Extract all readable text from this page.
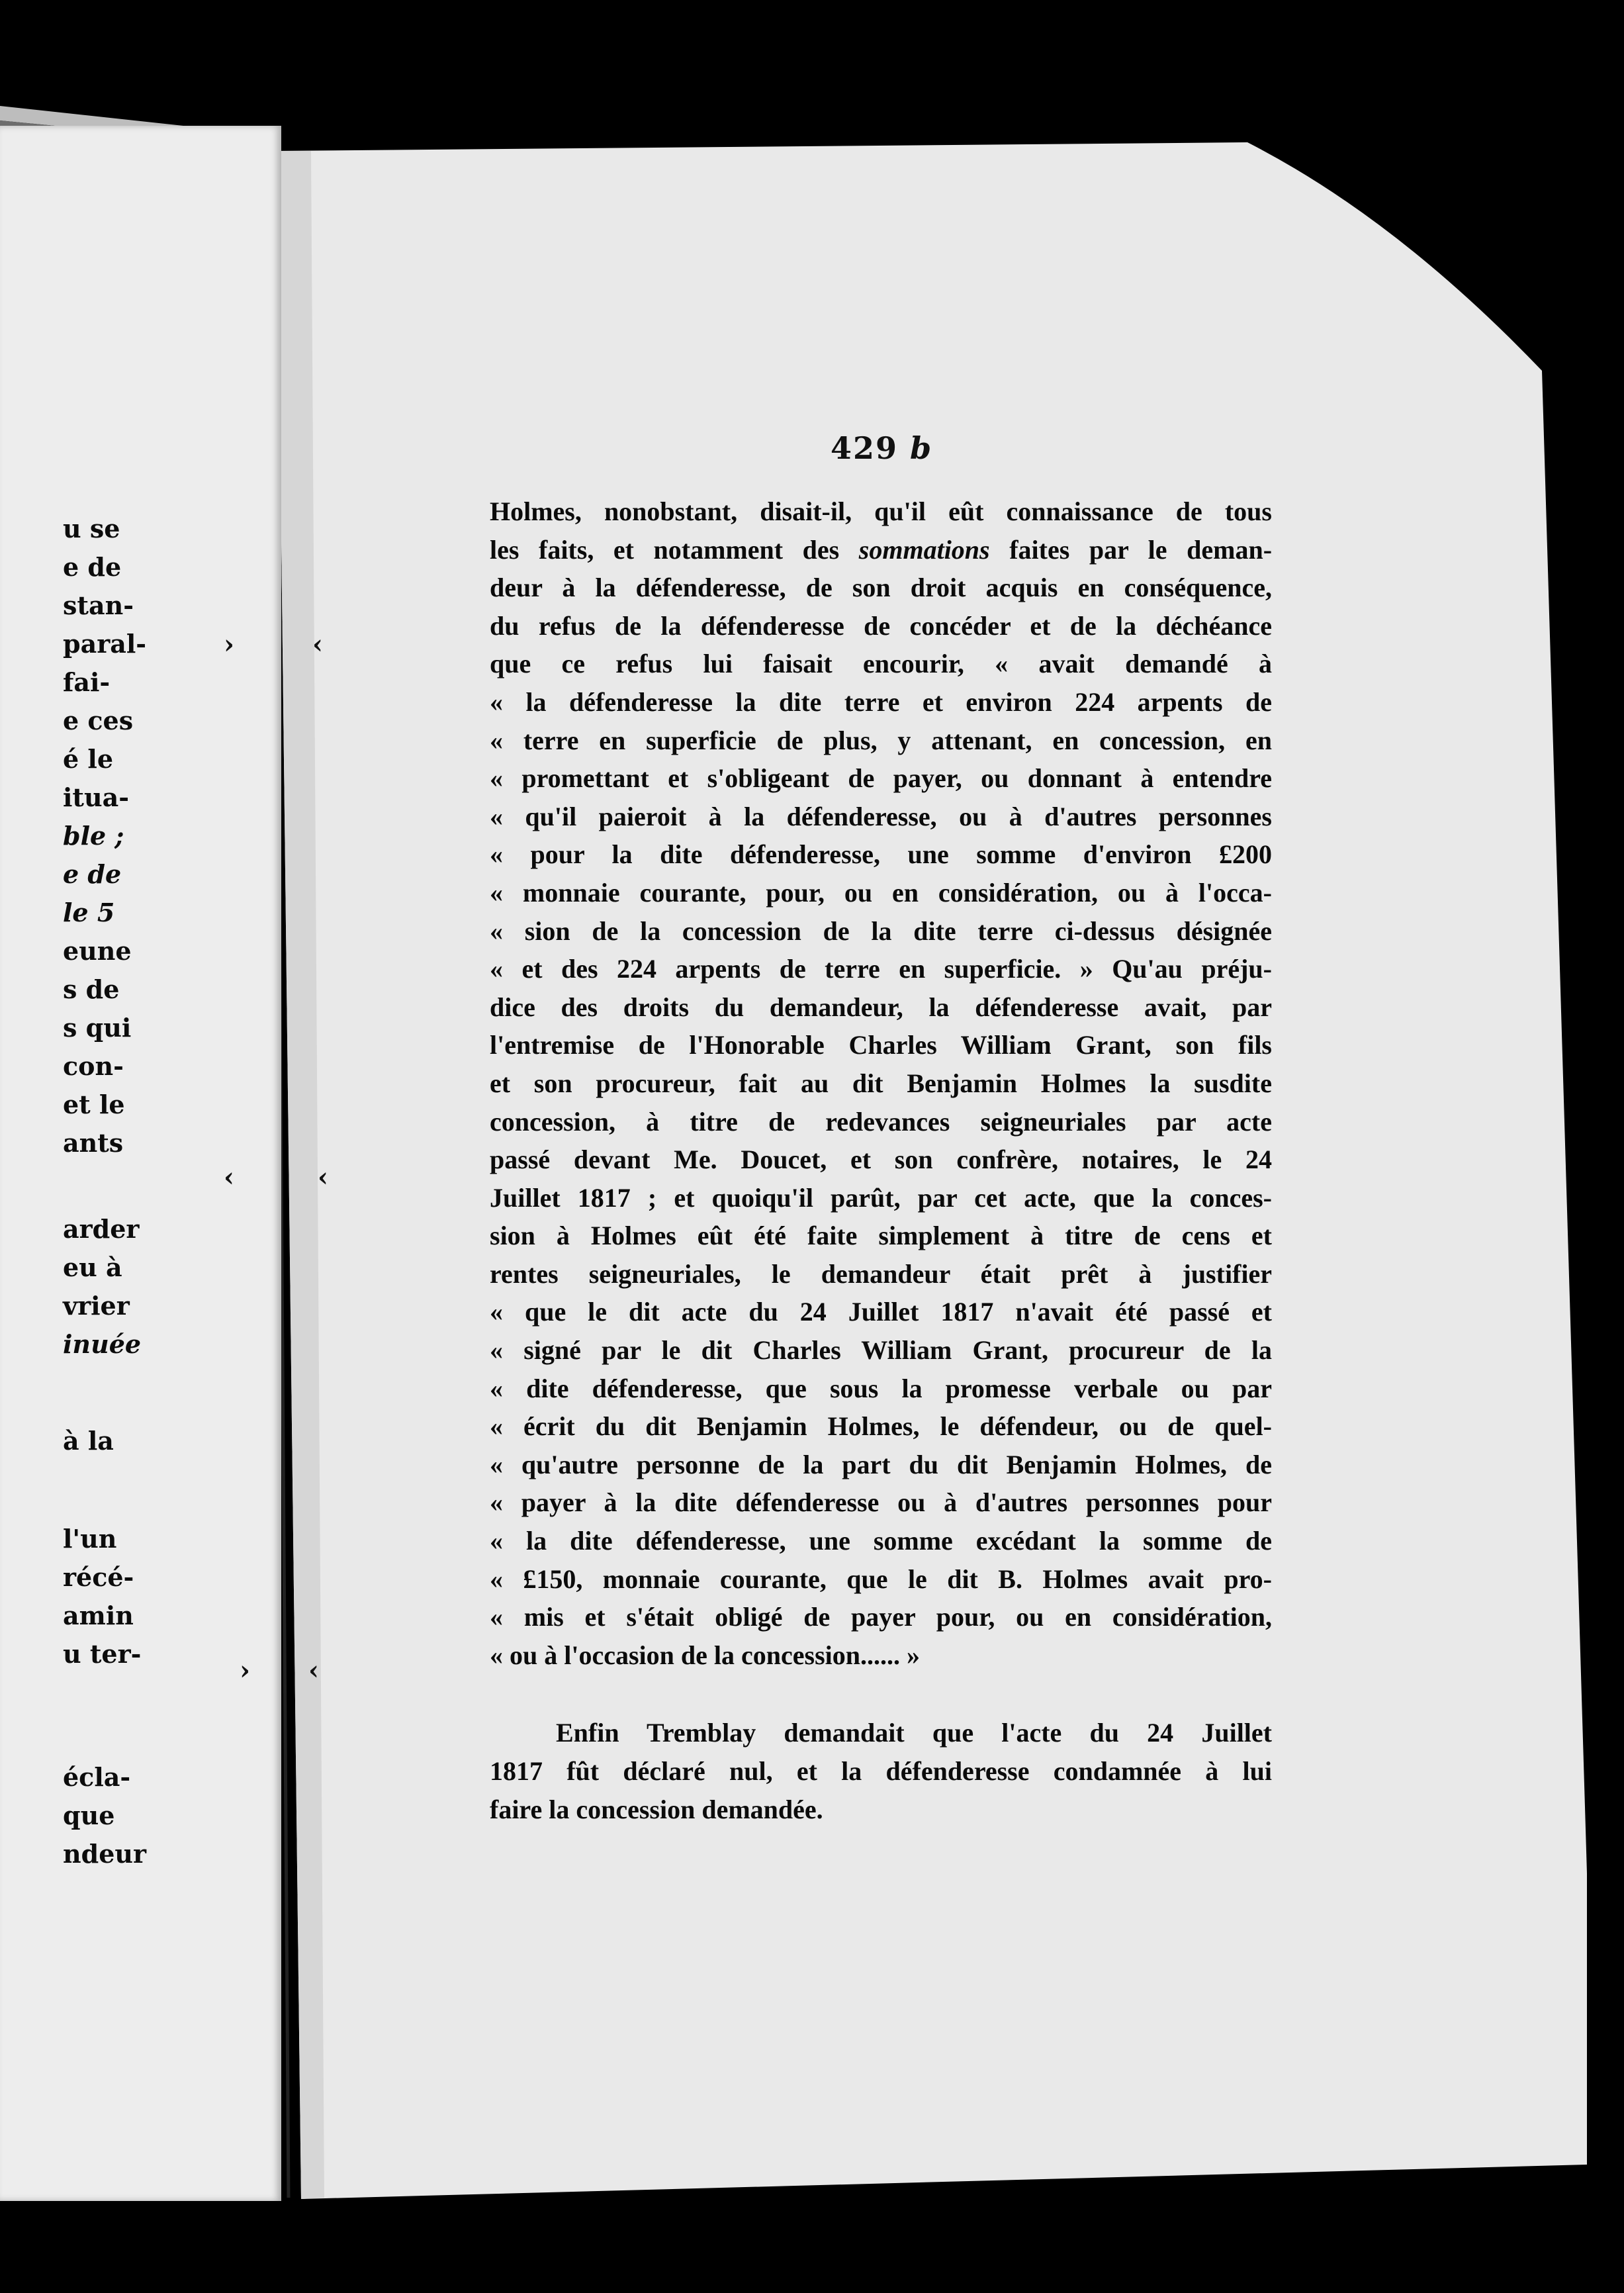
u se
e de
stan-
paral-
fai-
e ces
é le
itua-
ble ;
e de
le 5
eune
s de
s qui
con-
et le
ants
arder
eu à
vrier
inuée
à la
l'un
récé-
amin
u ter-
écla-
que
ndeur
›	‹
‹	‹
› ‹
429 b
Holmes, nonobstant, disait-il, qu'il eût connaissance de tous
les faits, et notamment des sommations faites par le deman-
deur à la défenderesse, de son droit acquis en conséquence,
du refus de la défenderesse de concéder et de la déchéance
que ce refus lui faisait encourir, « avait demandé à
« la défenderesse la dite terre et environ 224 arpents de
« terre en superficie de plus, y attenant, en concession, en
« promettant et s'obligeant de payer, ou donnant à entendre
« qu'il paieroit à la défenderesse, ou à d'autres personnes
« pour la dite défenderesse, une somme d'environ £200
« monnaie courante, pour, ou en considération, ou à l'occa-
« sion de la concession de la dite terre ci-dessus désignée
« et des 224 arpents de terre en superficie. » Qu'au préju-
dice des droits du demandeur, la défenderesse avait, par
l'entremise de l'Honorable Charles William Grant, son fils
et son procureur, fait au dit Benjamin Holmes la susdite
concession, à titre de redevances seigneuriales par acte
passé devant Me. Doucet, et son confrère, notaires, le 24
Juillet 1817 ; et quoiqu'il parût, par cet acte, que la conces-
sion à Holmes eût été faite simplement à titre de cens et
rentes seigneuriales, le demandeur était prêt à justifier
« que le dit acte du 24 Juillet 1817 n'avait été passé et
« signé par le dit Charles William Grant, procureur de la
« dite défenderesse, que sous la promesse verbale ou par
« écrit du dit Benjamin Holmes, le défendeur, ou de quel-
« qu'autre personne de la part du dit Benjamin Holmes, de
« payer à la dite défenderesse ou à d'autres personnes pour
« la dite défenderesse, une somme excédant la somme de
« £150, monnaie courante, que le dit B. Holmes avait pro-
« mis et s'était obligé de payer pour, ou en considération,
« ou à l'occasion de la concession...... »
Enfin Tremblay demandait que l'acte du 24 Juillet
1817 fût déclaré nul, et la défenderesse condamnée à lui
faire la concession demandée.
